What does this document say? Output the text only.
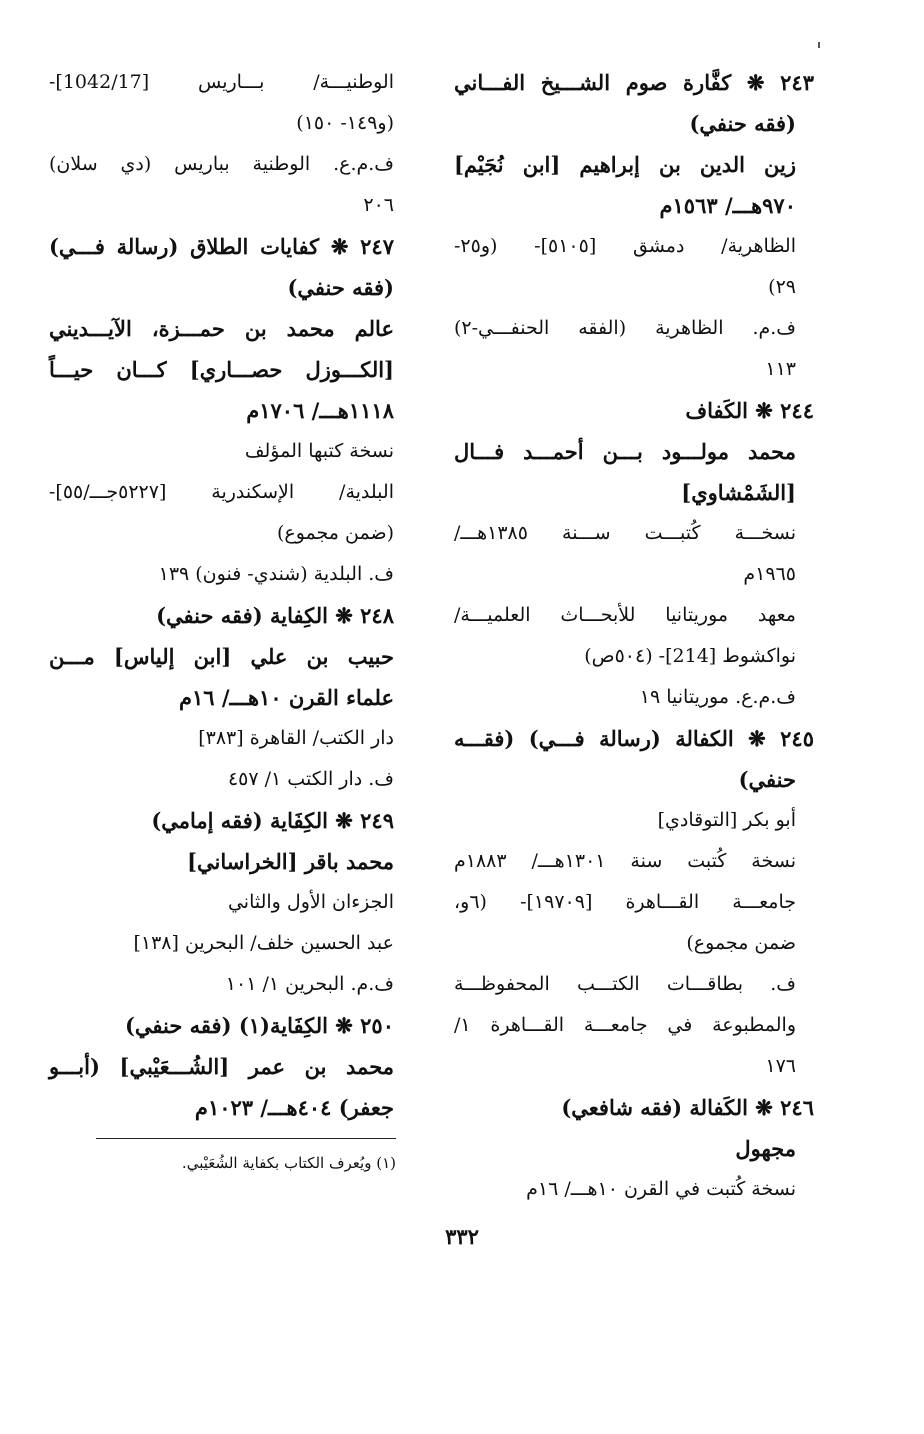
٢٤٣ ❋ كفَّارة صوم الشـــيخ الفـــاني
(فقه حنفي)
زين الدين بن إبراهيم [ابن نُجَيْم]
٩٧٠هـــ/ ١٥٦٣م
الظاهرية/ دمشق [٥١٠٥]- (و٢٥-
٢٩)
ف.م. الظاهرية (الفقه الحنفـــي-٢)
١١٣
٢٤٤ ❋ الكَفاف
محمد مولـــود بـــن أحمـــد فـــال
[الشَمْشاوي]
نسخـــة كُتبـــت ســـنة ١٣٨٥هـــ/
١٩٦٥م
معهد موريتانيا للأبحـــاث العلميـــة/
نواكشوط [214]- (٥٠٤ص)
ف.م.ع. موريتانيا ١٩
٢٤٥ ❋ الكفالة (رسالة فـــي) (فقـــه
حنفي)
أبو بكر [التوقادي]
نسخة كُتبت سنة ١٣٠١هـــ/ ١٨٨٣م
جامعـــة القـــاهرة [١٩٧٠٩]- (٦و،
ضمن مجموع)
ف. بطاقـــات الكتـــب المحفوظـــة
والمطبوعة في جامعـــة القـــاهرة ١/
١٧٦
٢٤٦ ❋ الكَفالة (فقه شافعي)
مجهول
نسخة كُتبت في القرن ١٠هـــ/ ١٦م
الوطنيـــة/ بـــاريس [1042/17]-
(و١٤٩- ١٥٠)
ف.م.ع. الوطنية بباريس (دي سلان)
٢٠٦
٢٤٧ ❋ كفايات الطلاق (رسالة فـــي)
(فقه حنفي)
عالم محمد بن حمـــزة، الآيـــديني
[الكـــوزل حصـــاري] كـــان حيـــاً
١١١٨هـــ/ ١٧٠٦م
نسخة كتبها المؤلف
البلدية/ الإسكندرية [٥٢٢٧جـــ/٥٥]-
(ضمن مجموع)
ف. البلدية (شندي- فنون) ١٣٩
٢٤٨ ❋ الكِفاية (فقه حنفي)
حبيب بن علي [ابن إلياس] مـــن
علماء القرن ١٠هـــ/ ١٦م
دار الكتب/ القاهرة [٣٨٣]
ف. دار الكتب ١/ ٤٥٧
٢٤٩ ❋ الكِفَاية (فقه إمامي)
محمد باقر [الخراساني]
الجزءان الأول والثاني
عبد الحسين خلف/ البحرين [١٣٨]
ف.م. البحرين ١/ ١٠١
٢٥٠ ❋ الكِفَاية(١) (فقه حنفي)
محمد بن عمر [الشُـــعَيْبي] (أبـــو
جعفر) ٤٠٤هـــ/ ١٠٢٣م
(١) ويُعرف الكتاب بكفاية الشُعَيْبي.
٣٣٢
